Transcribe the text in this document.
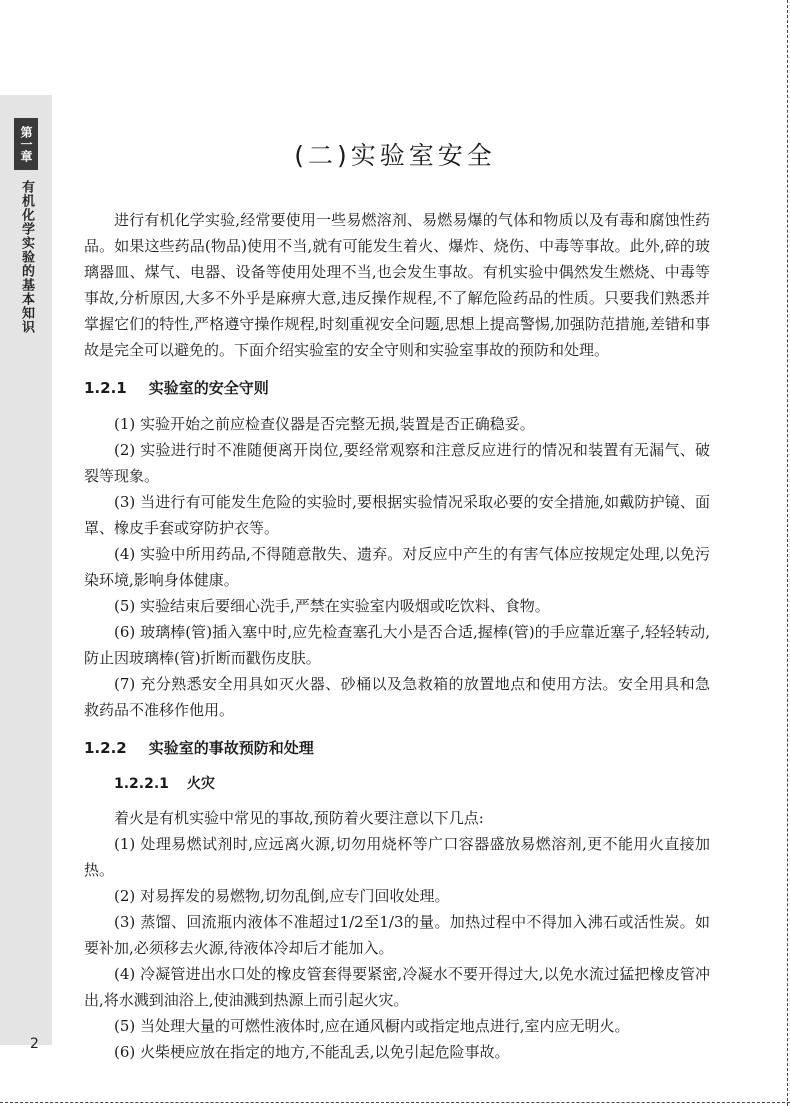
第一章
有机化学实验的基本知识
(二)实验室安全

进行有机化学实验,经常要使用一些易燃溶剂、易燃易爆的气体和物质以及有毒和腐蚀性药品。如果这些药品(物品)使用不当,就有可能发生着火、爆炸、烧伤、中毒等事故。此外,碎的玻璃器皿、煤气、电器、设备等使用处理不当,也会发生事故。有机实验中偶然发生燃烧、中毒等事故,分析原因,大多不外乎是麻痹大意,违反操作规程,不了解危险药品的性质。只要我们熟悉并掌握它们的特性,严格遵守操作规程,时刻重视安全问题,思想上提高警惕,加强防范措施,差错和事故是完全可以避免的。下面介绍实验室的安全守则和实验室事故的预防和处理。

1.2.1 实验室的安全守则

(1) 实验开始之前应检查仪器是否完整无损,装置是否正确稳妥。

(2) 实验进行时不准随便离开岗位,要经常观察和注意反应进行的情况和装置有无漏气、破裂等现象。

(3) 当进行有可能发生危险的实验时,要根据实验情况采取必要的安全措施,如戴防护镜、面罩、橡皮手套或穿防护衣等。

(4) 实验中所用药品,不得随意散失、遗弃。对反应中产生的有害气体应按规定处理,以免污染环境,影响身体健康。

(5) 实验结束后要细心洗手,严禁在实验室内吸烟或吃饮料、食物。

(6) 玻璃棒(管)插入塞中时,应先检查塞孔大小是否合适,握棒(管)的手应靠近塞子,轻轻转动,防止因玻璃棒(管)折断而戳伤皮肤。

(7) 充分熟悉安全用具如灭火器、砂桶以及急救箱的放置地点和使用方法。安全用具和急救药品不准移作他用。

1.2.2 实验室的事故预防和处理
1.2.2.1 火灾

着火是有机实验中常见的事故,预防着火要注意以下几点:

(1) 处理易燃试剂时,应远离火源,切勿用烧杯等广口容器盛放易燃溶剂,更不能用火直接加热。

(2) 对易挥发的易燃物,切勿乱倒,应专门回收处理。

(3) 蒸馏、回流瓶内液体不准超过1/2至1/3的量。加热过程中不得加入沸石或活性炭。如要补加,必须移去火源,待液体冷却后才能加入。

(4) 冷凝管进出水口处的橡皮管套得要紧密,冷凝水不要开得过大,以免水流过猛把橡皮管冲出,将水溅到油浴上,使油溅到热源上而引起火灾。

(5) 当处理大量的可燃性液体时,应在通风橱内或指定地点进行,室内应无明火。

(6) 火柴梗应放在指定的地方,不能乱丢,以免引起危险事故。

2
